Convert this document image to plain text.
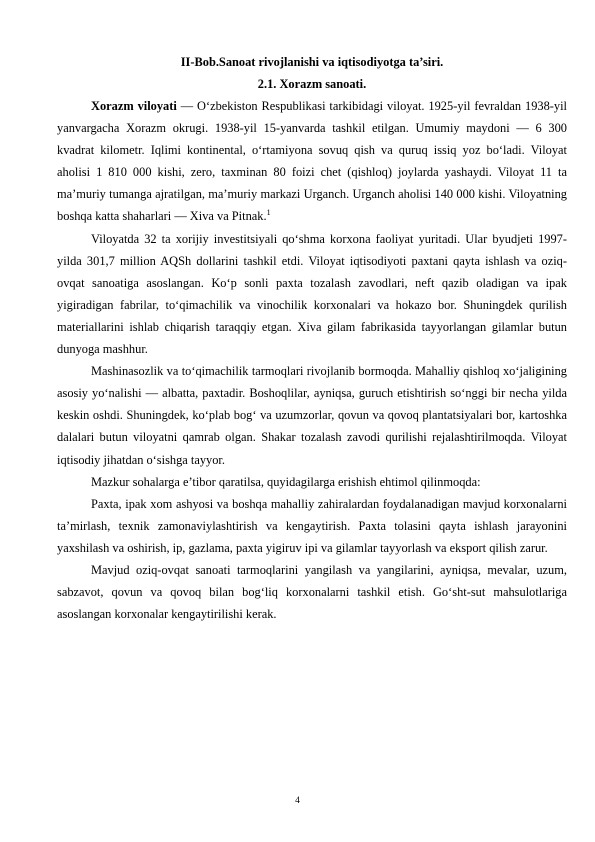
II-Bob.Sanoat rivojlanishi va iqtisodiyotga ta’siri.
2.1. Xorazm sanoati.

Xorazm viloyati — O‘zbekiston Respublikasi tarkibidagi viloyat. 1925-yil fevraldan 1938-yil yanvargacha Xorazm okrugi. 1938-yil 15-yanvarda tashkil etilgan. Umumiy maydoni — 6 300 kvadrat kilometr. Iqlimi kontinental, o‘rtamiyona sovuq qish va quruq issiq yoz bo‘ladi. Viloyat aholisi 1 810 000 kishi, zero, taxminan 80 foizi chet (qishloq) joylarda yashaydi. Viloyat 11 ta ma’muriy tumanga ajratilgan, ma’muriy markazi Urganch. Urganch aholisi 140 000 kishi. Viloyatning boshqa katta shaharlari — Xiva va Pitnak.$^1$

Viloyatda 32 ta xorijiy investitsiyali qo‘shma korxona faoliyat yuritadi. Ular byudjeti 1997-yilda 301,7 million AQSh dollarini tashkil etdi. Viloyat iqtisodiyoti paxtani qayta ishlash va oziq-ovqat sanoatiga asoslangan. Ko‘p sonli paxta tozalash zavodlari, neft qazib oladigan va ipak yigiradigan fabrilar, to‘qimachilik va vinochilik korxonalari va hokazo bor. Shuningdek qurilish materiallarini ishlab chiqarish taraqqiy etgan. Xiva gilam fabrikasida tayyorlangan gilamlar butun dunyoga mashhur.

Mashinasozlik va to‘qimachilik tarmoqlari rivojlanib bormoqda. Mahalliy qishloq xo‘jaligining asosiy yo‘nalishi — albatta, paxtadir. Boshoqlilar, ayniqsa, guruch etishtirish so‘nggi bir necha yilda keskin oshdi. Shuningdek, ko‘plab bog‘ va uzumzorlar, qovun va qovoq plantatsiyalari bor, kartoshka dalalari butun viloyatni qamrab olgan. Shakar tozalash zavodi qurilishi rejalashtirilmoqda. Viloyat iqtisodiy jihatdan o‘sishga tayyor.

Mazkur sohalarga e’tibor qaratilsa, quyidagilarga erishish ehtimol qilinmoqda:

Paxta, ipak xom ashyosi va boshqa mahalliy zahiralardan foydalanadigan mavjud korxonalarni ta’mirlash, texnik zamonaviylashtirish va kengaytirish. Paxta tolasini qayta ishlash jarayonini yaxshilash va oshirish, ip, gazlama, paxta yigiruv ipi va gilamlar tayyorlash va eksport qilish zarur.

Mavjud oziq-ovqat sanoati tarmoqlarini yangilash va yangilarini, ayniqsa, mevalar, uzum, sabzavot, qovun va qovoq bilan bog‘liq korxonalarni tashkil etish. Go‘sht-sut mahsulotlariga asoslangan korxonalar kengaytirilishi kerak.

4
